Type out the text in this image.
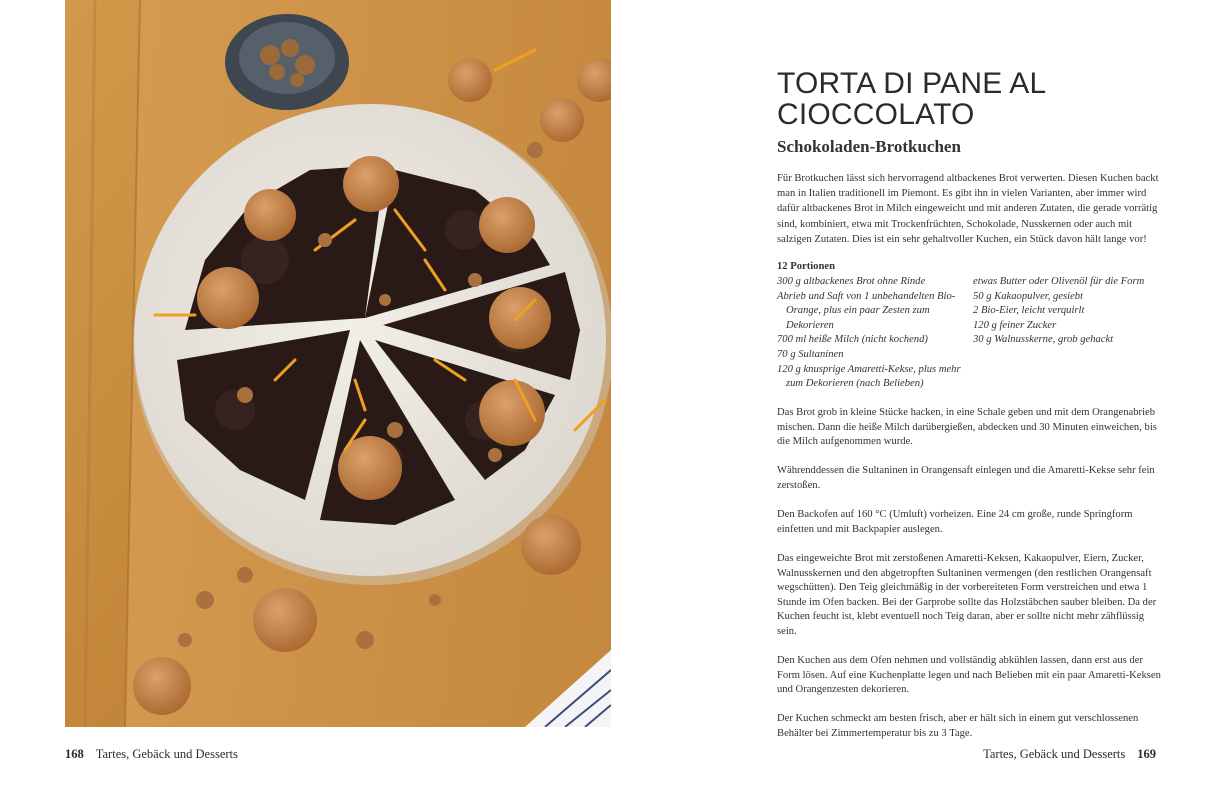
TORTA DI PANE AL
CIOCCOLATO
Schokoladen-Brotkuchen

Für Brotkuchen lässt sich hervorragend altbackenes Brot verwerten. Diesen Kuchen backt man in Italien traditionell im Piemont. Es gibt ihn in vielen Varianten, aber immer wird dafür altbackenes Brot in Milch eingeweicht und mit anderen Zutaten, die gerade vorrätig sind, kombiniert, etwa mit Trockenfrüchten, Schokolade, Nusskernen oder auch mit salzigen Zutaten. Dies ist ein sehr gehaltvoller Kuchen, ein Stück davon hält lange vor!

12 Portionen
300 g altbackenes Brot ohne Rinde
Abrieb und Saft von 1 unbehandelten Bio-Orange, plus ein paar Zesten zum Dekorieren
700 ml heiße Milch (nicht kochend)
70 g Sultaninen
120 g knusprige Amaretti-Kekse, plus mehr zum Dekorieren (nach Belieben)
etwas Butter oder Olivenöl für die Form
50 g Kakaopulver, gesiebt
2 Bio-Eier, leicht verquirlt
120 g feiner Zucker
30 g Walnusskerne, grob gehackt

Das Brot grob in kleine Stücke hacken, in eine Schale geben und mit dem Orangenabrieb mischen. Dann die heiße Milch darübergießen, abdecken und 30 Minuten einweichen, bis die Milch aufgenommen wurde.

Währenddessen die Sultaninen in Orangensaft einlegen und die Amaretti-Kekse sehr fein zerstoßen.

Den Backofen auf 160 °C (Umluft) vorheizen. Eine 24 cm große, runde Springform einfetten und mit Backpapier auslegen.

Das eingeweichte Brot mit zerstoßenen Amaretti-Keksen, Kakaopulver, Eiern, Zucker, Walnusskernen und den abgetropften Sultaninen vermengen (den restlichen Orangensaft wegschütten). Den Teig gleichmäßig in der vorbereiteten Form verstreichen und etwa 1 Stunde im Ofen backen. Bei der Garprobe sollte das Holzstäbchen sauber bleiben. Da der Kuchen feucht ist, klebt eventuell noch Teig daran, aber er sollte nicht mehr zähflüssig sein.

Den Kuchen aus dem Ofen nehmen und vollständig abkühlen lassen, dann erst aus der Form lösen. Auf eine Kuchenplatte legen und nach Belieben mit ein paar Amaretti-Keksen und Orangenzesten dekorieren.

Der Kuchen schmeckt am besten frisch, aber er hält sich in einem gut verschlossenen Behälter bei Zimmertemperatur bis zu 3 Tage.

168 Tartes, Gebäck und Desserts	Tartes, Gebäck und Desserts 169
